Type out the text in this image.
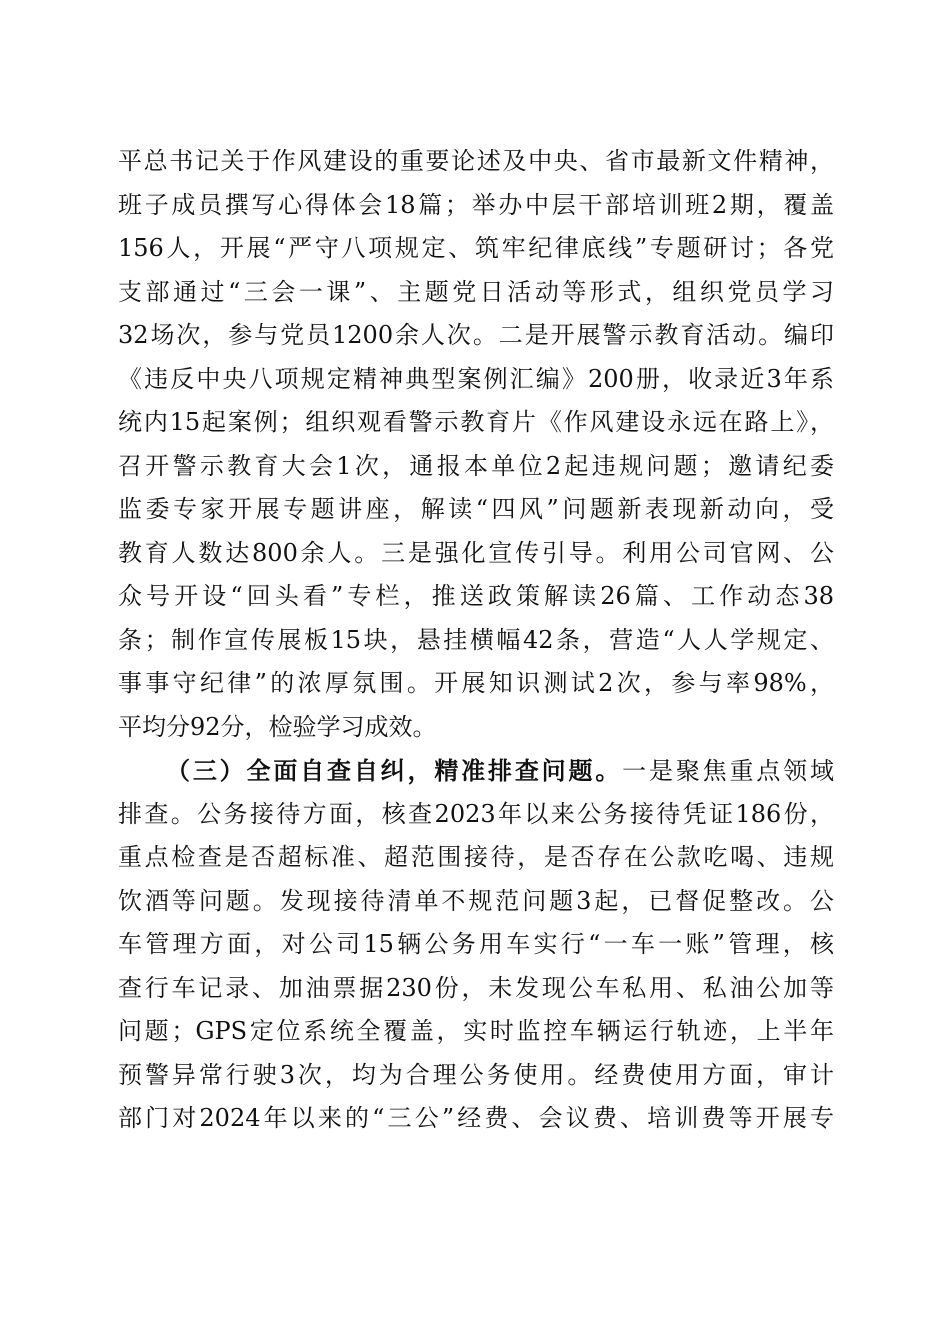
平总书记关于作风建设的重要论述及中央、省市最新文件精神，
班子成员撰写心得体会18篇；举办中层干部培训班2期，覆盖
156人，开展“严守八项规定、筑牢纪律底线”专题研讨；各党
支部通过“三会一课”、主题党日活动等形式，组织党员学习
32场次，参与党员1200余人次。二是开展警示教育活动。编印
《违反中央八项规定精神典型案例汇编》200册，收录近3年系
统内15起案例；组织观看警示教育片《作风建设永远在路上》，
召开警示教育大会1次，通报本单位2起违规问题；邀请纪委
监委专家开展专题讲座，解读“四风”问题新表现新动向，受
教育人数达800余人。三是强化宣传引导。利用公司官网、公
众号开设“回头看”专栏，推送政策解读26篇、工作动态38
条；制作宣传展板15块，悬挂横幅42条，营造“人人学规定、
事事守纪律”的浓厚氛围。开展知识测试2次，参与率98%，
平均分92分，检验学习成效。
（三）全面自查自纠，精准排查问题。一是聚焦重点领域
排查。公务接待方面，核查2023年以来公务接待凭证186份，
重点检查是否超标准、超范围接待，是否存在公款吃喝、违规
饮酒等问题。发现接待清单不规范问题3起，已督促整改。公
车管理方面，对公司15辆公务用车实行“一车一账”管理，核
查行车记录、加油票据230份，未发现公车私用、私油公加等
问题；GPS定位系统全覆盖，实时监控车辆运行轨迹，上半年
预警异常行驶3次，均为合理公务使用。经费使用方面，审计
部门对2024年以来的“三公”经费、会议费、培训费等开展专
